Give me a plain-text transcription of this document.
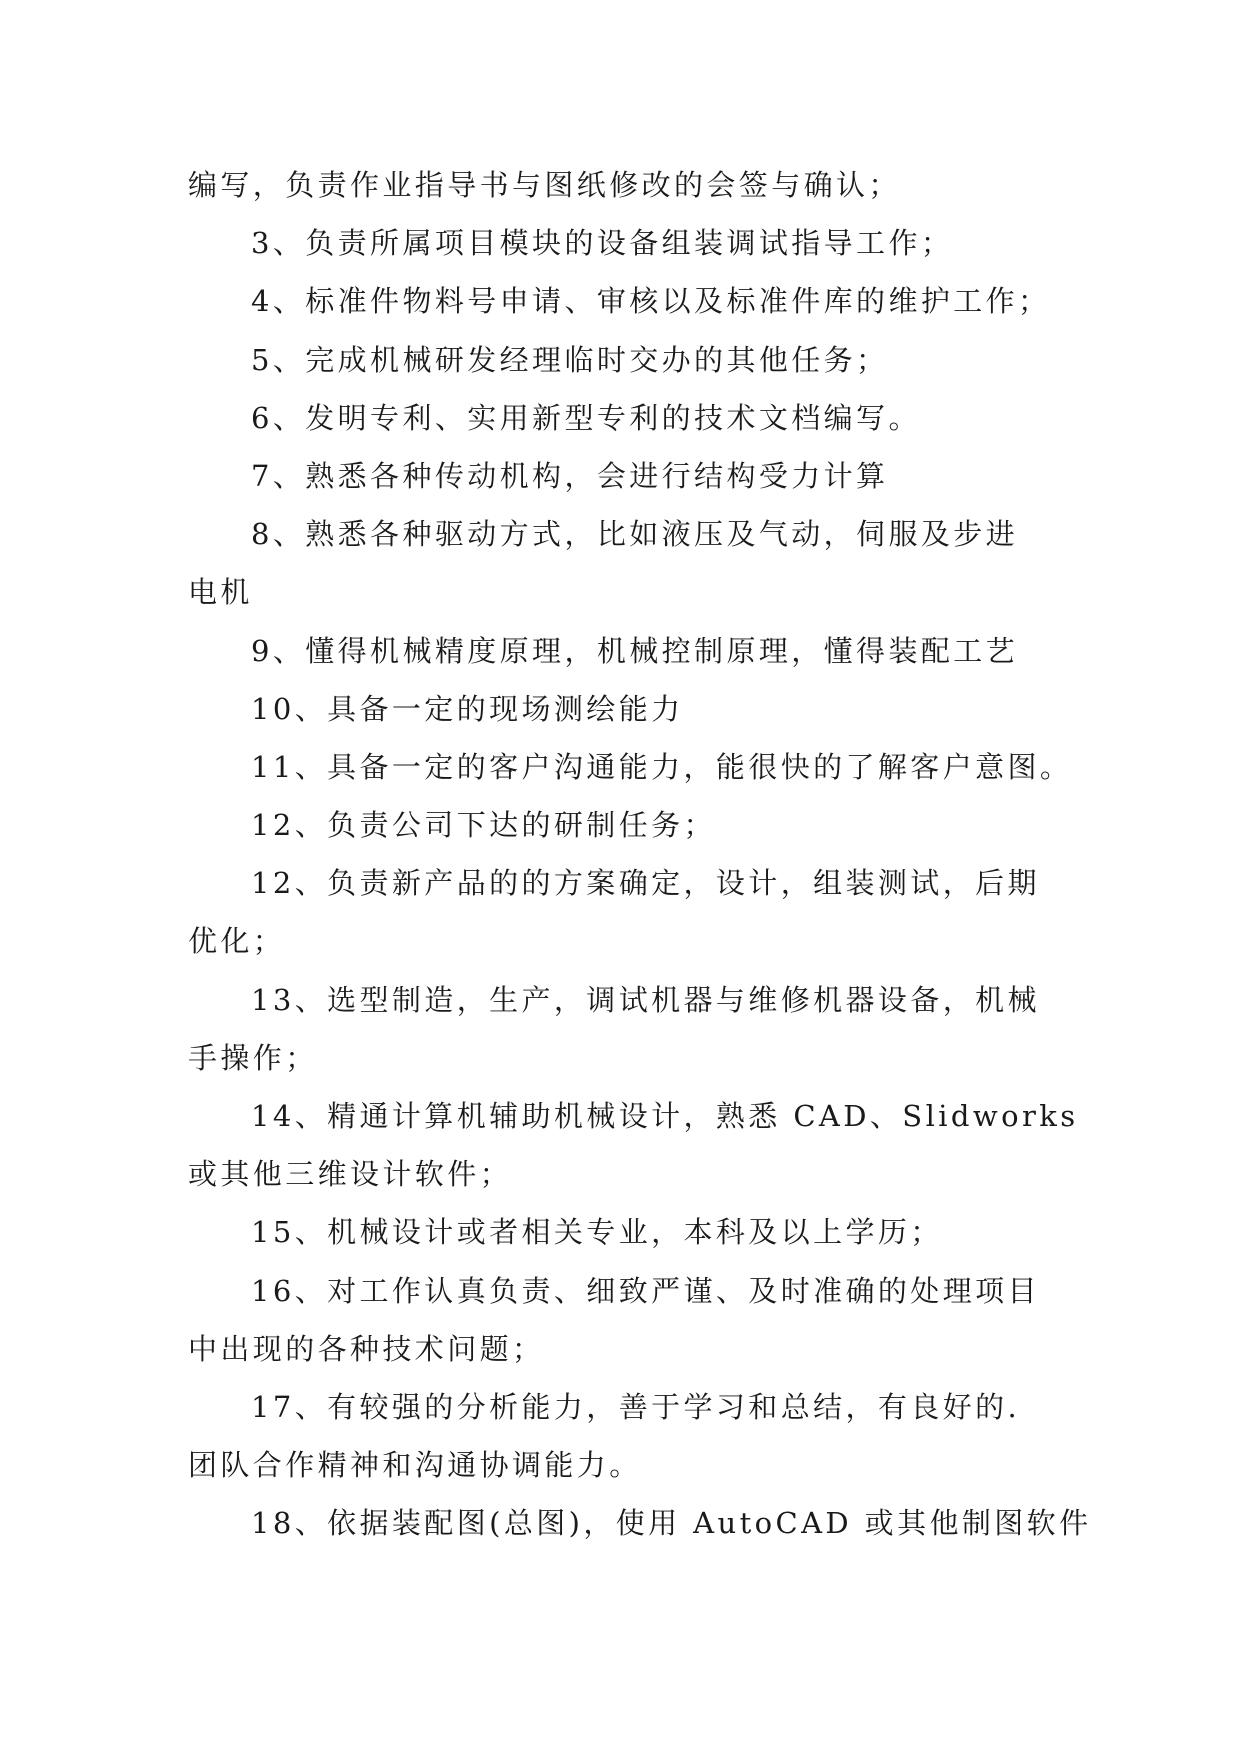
编写，负责作业指导书与图纸修改的会签与确认；
3、负责所属项目模块的设备组装调试指导工作；
4、标准件物料号申请、审核以及标准件库的维护工作；
5、完成机械研发经理临时交办的其他任务；
6、发明专利、实用新型专利的技术文档编写。
7、熟悉各种传动机构，会进行结构受力计算
8、熟悉各种驱动方式，比如液压及气动，伺服及步进
电机
9、懂得机械精度原理，机械控制原理，懂得装配工艺
10、具备一定的现场测绘能力
11、具备一定的客户沟通能力，能很快的了解客户意图。
12、负责公司下达的研制任务；
12、负责新产品的的方案确定，设计，组装测试，后期
优化；
13、选型制造，生产，调试机器与维修机器设备，机械
手操作；
14、精通计算机辅助机械设计，熟悉 CAD、Slidworks
或其他三维设计软件；
15、机械设计或者相关专业，本科及以上学历；
16、对工作认真负责、细致严谨、及时准确的处理项目
中出现的各种技术问题；
17、有较强的分析能力，善于学习和总结，有良好的.
团队合作精神和沟通协调能力。
18、依据装配图(总图)，使用 AutoCAD 或其他制图软件
